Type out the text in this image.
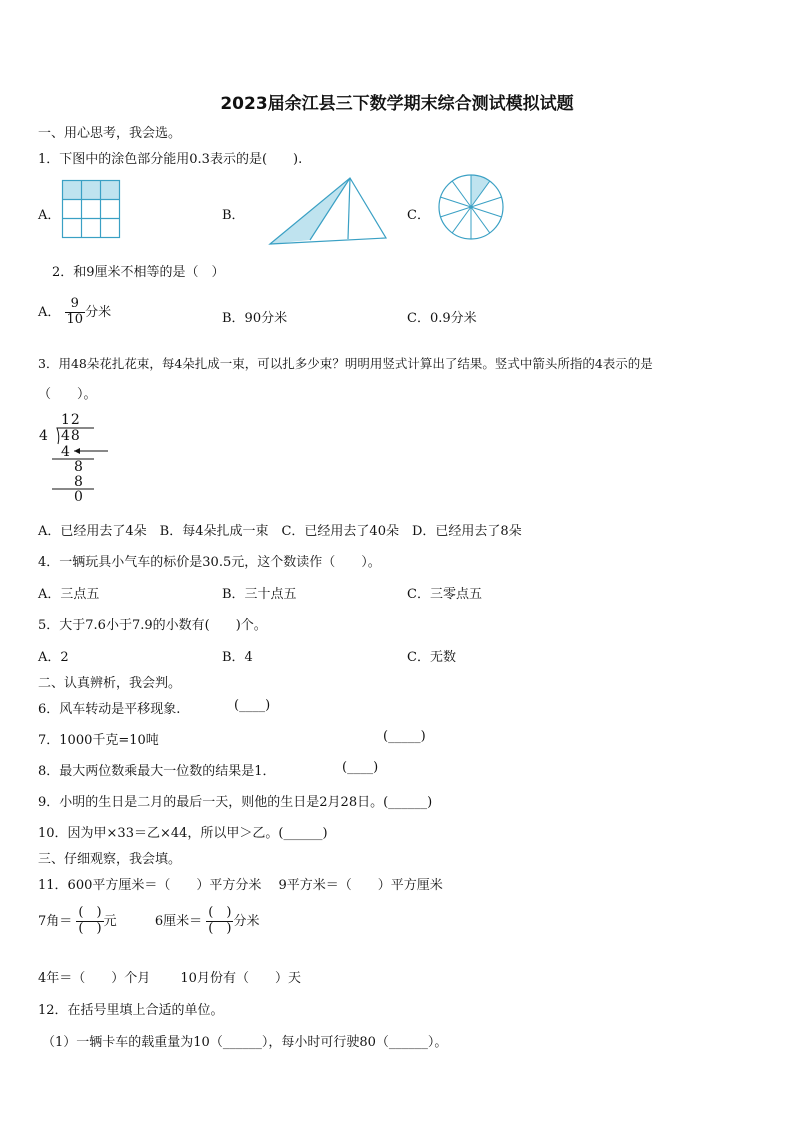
2023届余江县三下数学期末综合测试模拟试题
一、用心思考，我会选。
1．下图中的涂色部分能用0.3表示的是(　　).
A．	B．	C．
2．和9厘米不相等的是（　）
A． $\frac{9}{10}$ 分米	B．90分米	C．0.9分米
3．用48朵花扎花束，每4朵扎成一束，可以扎多少束？明明用竖式计算出了结果。竖式中箭头所指的4表示的是
（　　）。
12
4 48
4
8
8
0
A．已经用去了4朵　B．每4朵扎成一束　C．已经用去了40朵　D．已经用去了8朵
4．一辆玩具小气车的标价是30.5元，这个数读作（　　）。
A．三点五	B．三十点五	C．三零点五
5．大于7.6小于7.9的小数有(　　)个。
A．2	B．4	C．无数
二、认真辨析，我会判。
6．风车转动是平移现象.	(____)
7．1000千克=10吨	(_____)
8．最大两位数乘最大一位数的结果是1．	(____)
9．小明的生日是二月的最后一天，则他的生日是2月28日。(______)
10．因为甲×33＝乙×44，所以甲＞乙。(______)
三、仔细观察，我会填。
11．600平方厘米＝（　　）平方分米　 9平方米＝（　　）平方厘米
7角＝ $\frac{( )}{( )}$ 元	6厘米＝ $\frac{( )}{( )}$ 分米
4年＝（　　）个月　　 10月份有（　　）天
12．在括号里填上合适的单位。
（1）一辆卡车的载重量为10（______），每小时可行驶80（______）。
